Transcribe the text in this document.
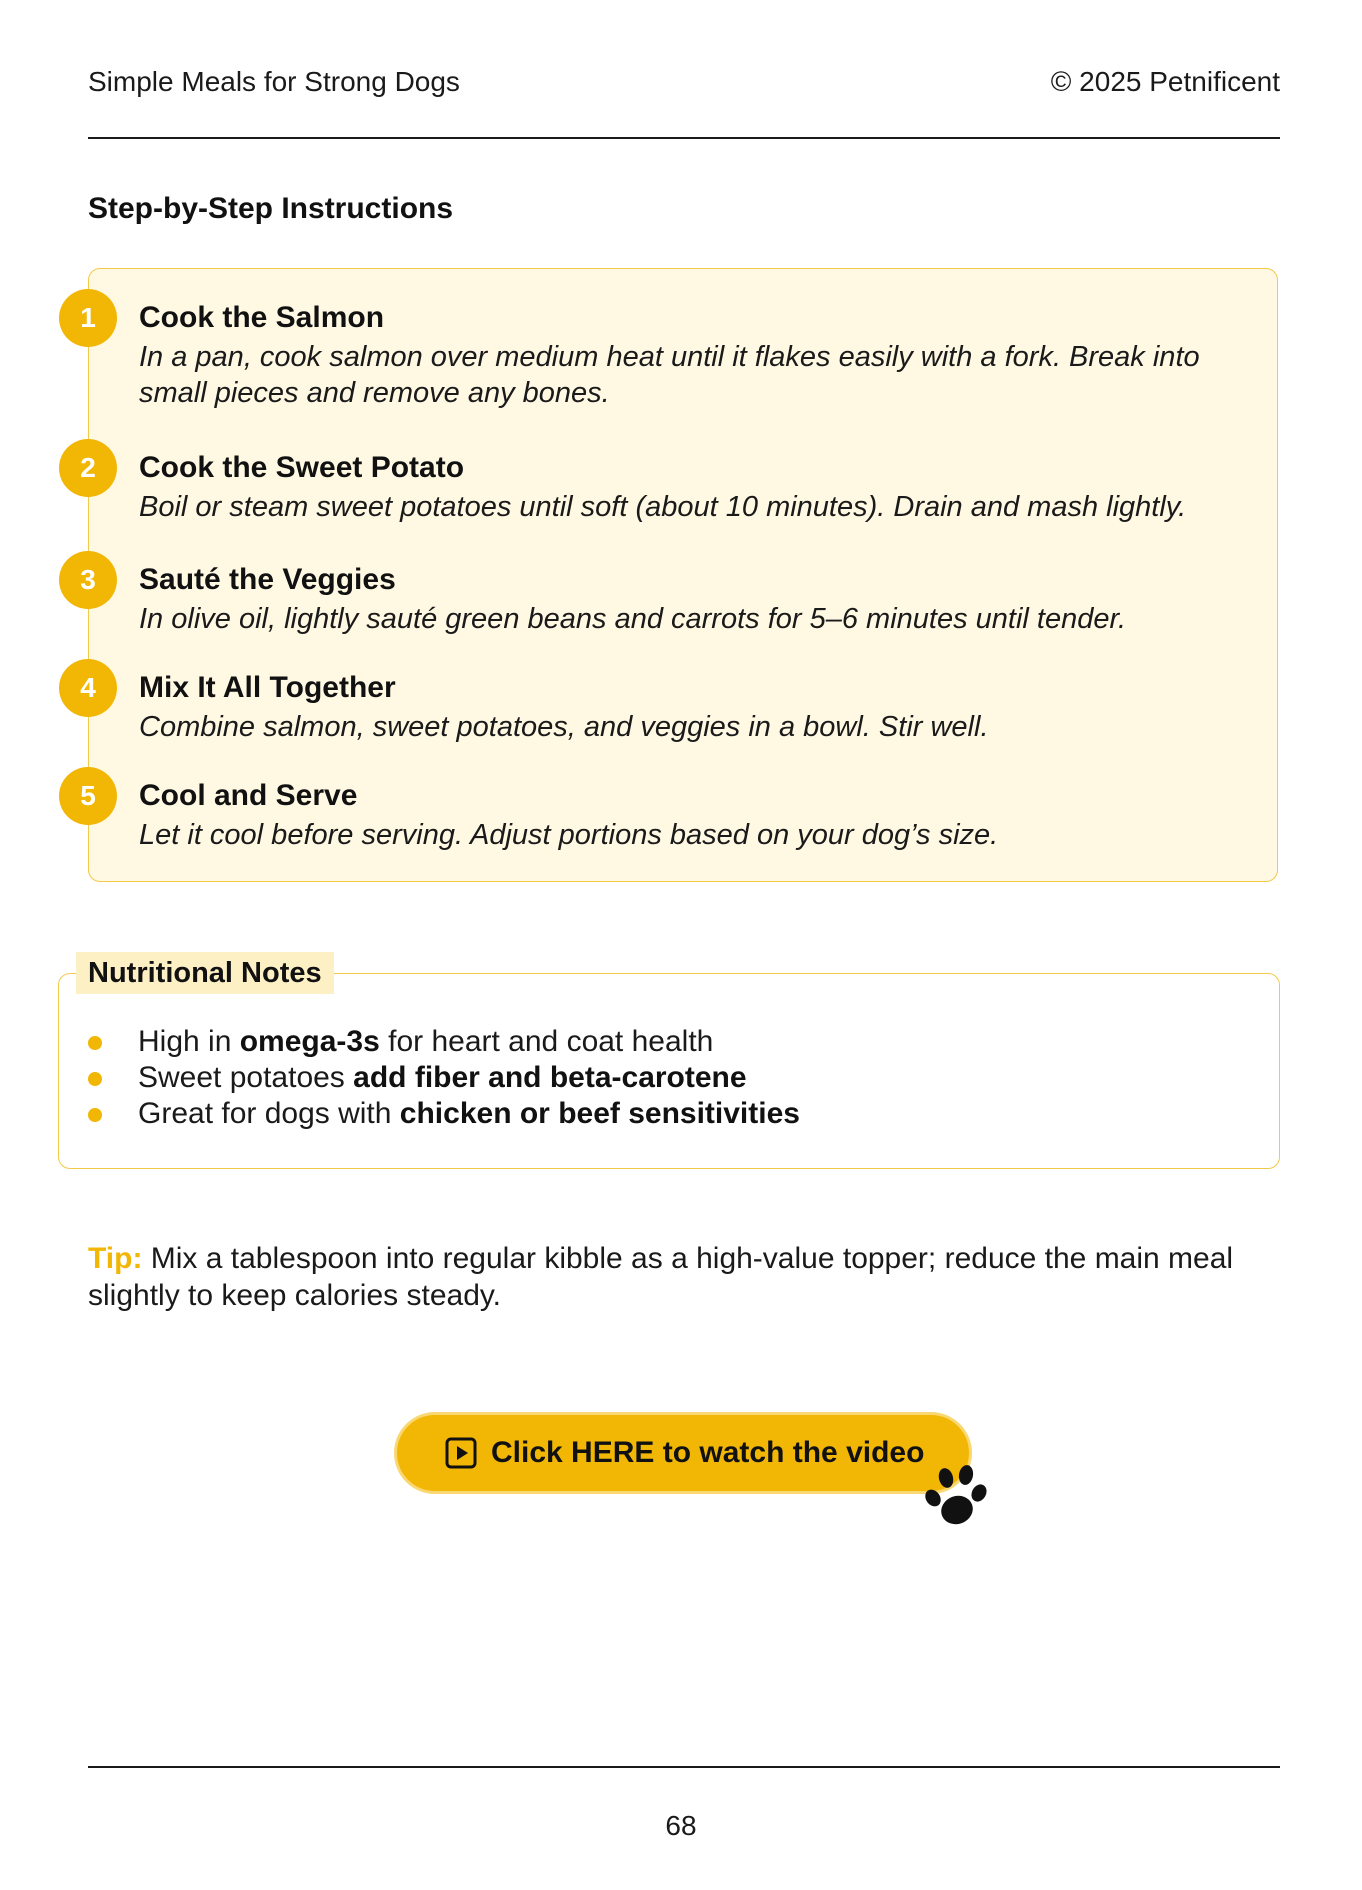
Simple Meals for Strong Dogs	© 2025 Petnificent
Step-by-Step Instructions
1	Cook the Salmon
In a pan, cook salmon over medium heat until it flakes easily with a fork. Break into small pieces and remove any bones.
2	Cook the Sweet Potato
Boil or steam sweet potatoes until soft (about 10 minutes). Drain and mash lightly.
3	Sauté the Veggies
In olive oil, lightly sauté green beans and carrots for 5–6 minutes until tender.
4	Mix It All Together
Combine salmon, sweet potatoes, and veggies in a bowl. Stir well.
5	Cool and Serve
Let it cool before serving. Adjust portions based on your dog’s size.
Nutritional Notes
High in omega-3s for heart and coat health
Sweet potatoes add fiber and beta-carotene
Great for dogs with chicken or beef sensitivities
Tip: Mix a tablespoon into regular kibble as a high-value topper; reduce the main meal slightly to keep calories steady.
Click HERE to watch the video
68
